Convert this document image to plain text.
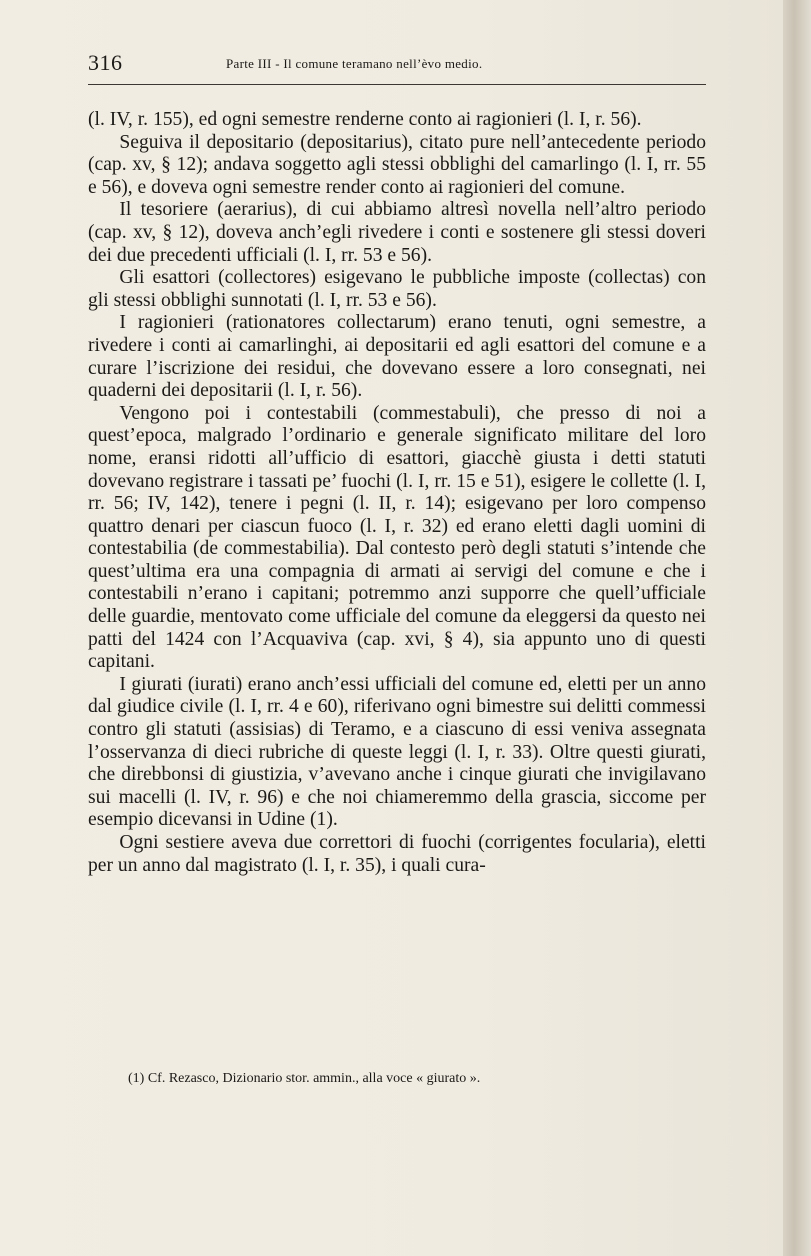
316	Parte III - Il comune teramano nell’èvo medio.

(l. IV, r. 155), ed ogni semestre renderne conto ai ragionieri (l. I, r. 56).

Seguiva il depositario (depositarius), citato pure nell’antecedente periodo (cap. xv, § 12); andava soggetto agli stessi obblighi del camarlingo (l. I, rr. 55 e 56), e doveva ogni semestre render conto ai ragionieri del comune.

Il tesoriere (aerarius), di cui abbiamo altresì novella nell’altro periodo (cap. xv, § 12), doveva anch’egli rivedere i conti e sostenere gli stessi doveri dei due precedenti ufficiali (l. I, rr. 53 e 56).

Gli esattori (collectores) esigevano le pubbliche imposte (collectas) con gli stessi obblighi sunnotati (l. I, rr. 53 e 56).

I ragionieri (rationatores collectarum) erano tenuti, ogni semestre, a rivedere i conti ai camarlinghi, ai depositarii ed agli esattori del comune e a curare l’iscrizione dei residui, che dovevano essere a loro consegnati, nei quaderni dei depositarii (l. I, r. 56).

Vengono poi i contestabili (commestabuli), che presso di noi a quest’epoca, malgrado l’ordinario e generale significato militare del loro nome, eransi ridotti all’ufficio di esattori, giacchè giusta i detti statuti dovevano registrare i tassati pe’ fuochi (l. I, rr. 15 e 51), esigere le collette (l. I, rr. 56; IV, 142), tenere i pegni (l. II, r. 14); esigevano per loro compenso quattro denari per ciascun fuoco (l. I, r. 32) ed erano eletti dagli uomini di contestabilia (de commestabilia). Dal contesto però degli statuti s’intende che quest’ultima era una compagnia di armati ai servigi del comune e che i contestabili n’erano i capitani; potremmo anzi supporre che quell’ufficiale delle guardie, mentovato come ufficiale del comune da eleggersi da questo nei patti del 1424 con l’Acquaviva (cap. xvi, § 4), sia appunto uno di questi capitani.

I giurati (iurati) erano anch’essi ufficiali del comune ed, eletti per un anno dal giudice civile (l. I, rr. 4 e 60), riferivano ogni bimestre sui delitti commessi contro gli statuti (assisias) di Teramo, e a ciascuno di essi veniva assegnata l’osservanza di dieci rubriche di queste leggi (l. I, r. 33). Oltre questi giurati, che direbbonsi di giustizia, v’avevano anche i cinque giurati che invigilavano sui macelli (l. IV, r. 96) e che noi chiameremmo della grascia, siccome per esempio dicevansi in Udine (1).

Ogni sestiere aveva due correttori di fuochi (corrigentes focularia), eletti per un anno dal magistrato (l. I, r. 35), i quali cura-

(1) Cf. Rezasco, Dizionario stor. ammin., alla voce « giurato ».
